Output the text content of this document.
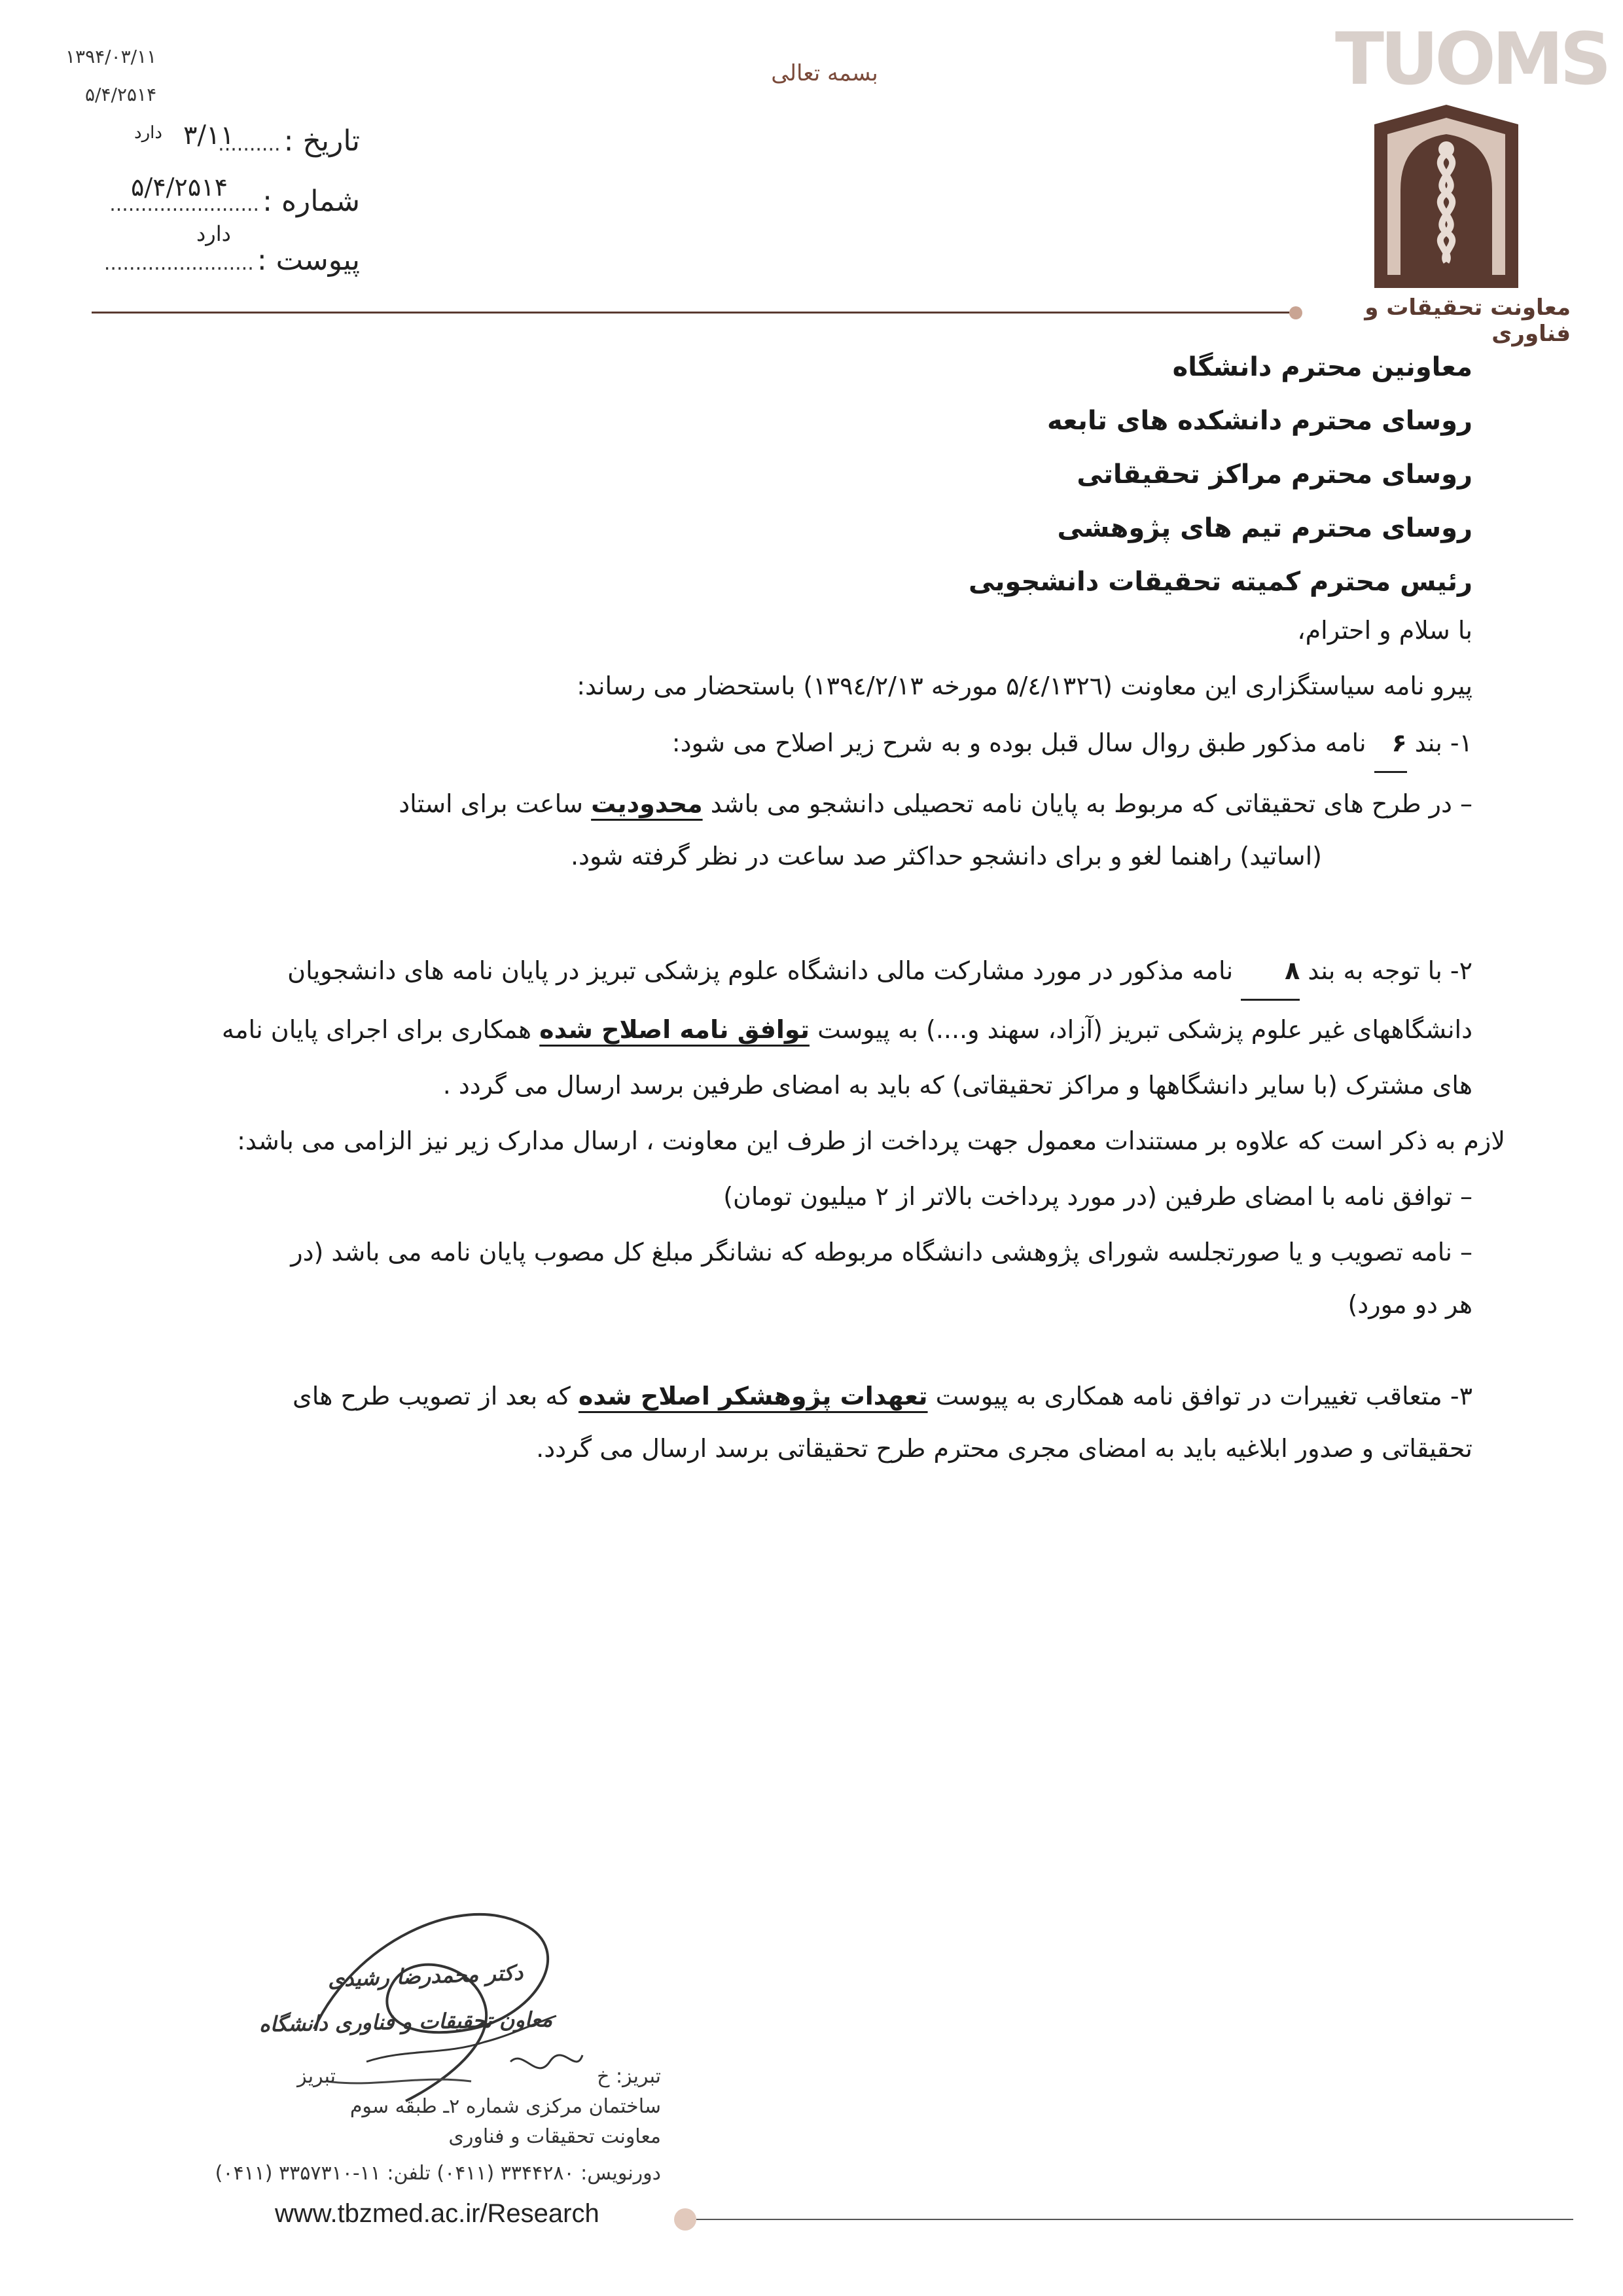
۱۳۹۴/۰۳/۱۱
۵/۴/۲۵۱۴
تاریخ : ..........
۳/۱۱
دارد
۵/۴/۲۵۱۴	شماره : ........................
دارد
پیوست : ........................
بسمه تعالی	TUOMS
معاونت تحقیقات و فناوری
معاونین محترم دانشگاه
روسای محترم دانشکده های تابعه
روسای محترم مراکز تحقیقاتی
روسای محترم تیم های پژوهشی
رئیس محترم کمیته تحقیقات دانشجویی
با سلام و احترام،
پیرو نامه سیاستگزاری این معاونت (۵/٤/۱۳۲٦ مورخه ۱۳۹٤/۲/۱۳) باستحضار می رساند:
۱- بند ۶ نامه مذکور طبق روال سال قبل بوده و به شرح زیر اصلاح می شود:
– در طرح های تحقیقاتی که مربوط به پایان نامه تحصیلی دانشجو می باشد محدودیت ساعت برای استاد
(اساتید) راهنما لغو و برای دانشجو حداکثر صد ساعت در نظر گرفته شود.
۲- با توجه به بند ۸ نامه مذکور در مورد مشارکت مالی دانشگاه علوم پزشکی تبریز در پایان نامه های دانشجویان
دانشگاههای غیر علوم پزشکی تبریز (آزاد، سهند و....) به پیوست توافق نامه اصلاح شده همکاری برای اجرای پایان نامه
های مشترک (با سایر دانشگاهها و مراکز تحقیقاتی) که باید به امضای طرفین برسد ارسال می گردد .
لازم به ذکر است که علاوه بر مستندات معمول جهت پرداخت از طرف این معاونت ، ارسال مدارک زیر نیز الزامی می باشد:
– توافق نامه با امضای طرفین (در مورد پرداخت بالاتر از ۲ میلیون تومان)
– نامه تصویب و یا صورتجلسه شورای پژوهشی دانشگاه مربوطه که نشانگر مبلغ کل مصوب پایان نامه می باشد (در
هر دو مورد)
۳- متعاقب تغییرات در توافق نامه همکاری به پیوست تعهدات پژوهشکر اصلاح شده که بعد از تصویب طرح های
تحقیقاتی و صدور ابلاغیه باید به امضای مجری محترم طرح تحقیقاتی برسد ارسال می گردد.
دکتر محمدرضا رشیدی
معاون تحقیقات و فناوری دانشگاه
تبریز: خ  تبریز
ساختمان مرکزی شماره ۲ـ طبقه سوم
معاونت تحقیقات و فناوری
دورنویس: ۳۳۴۴۲۸۰ (۰۴۱۱) تلفن: ۱۱-۳۳۵۷۳۱۰ (۰۴۱۱)
www.tbzmed.ac.ir/Research
